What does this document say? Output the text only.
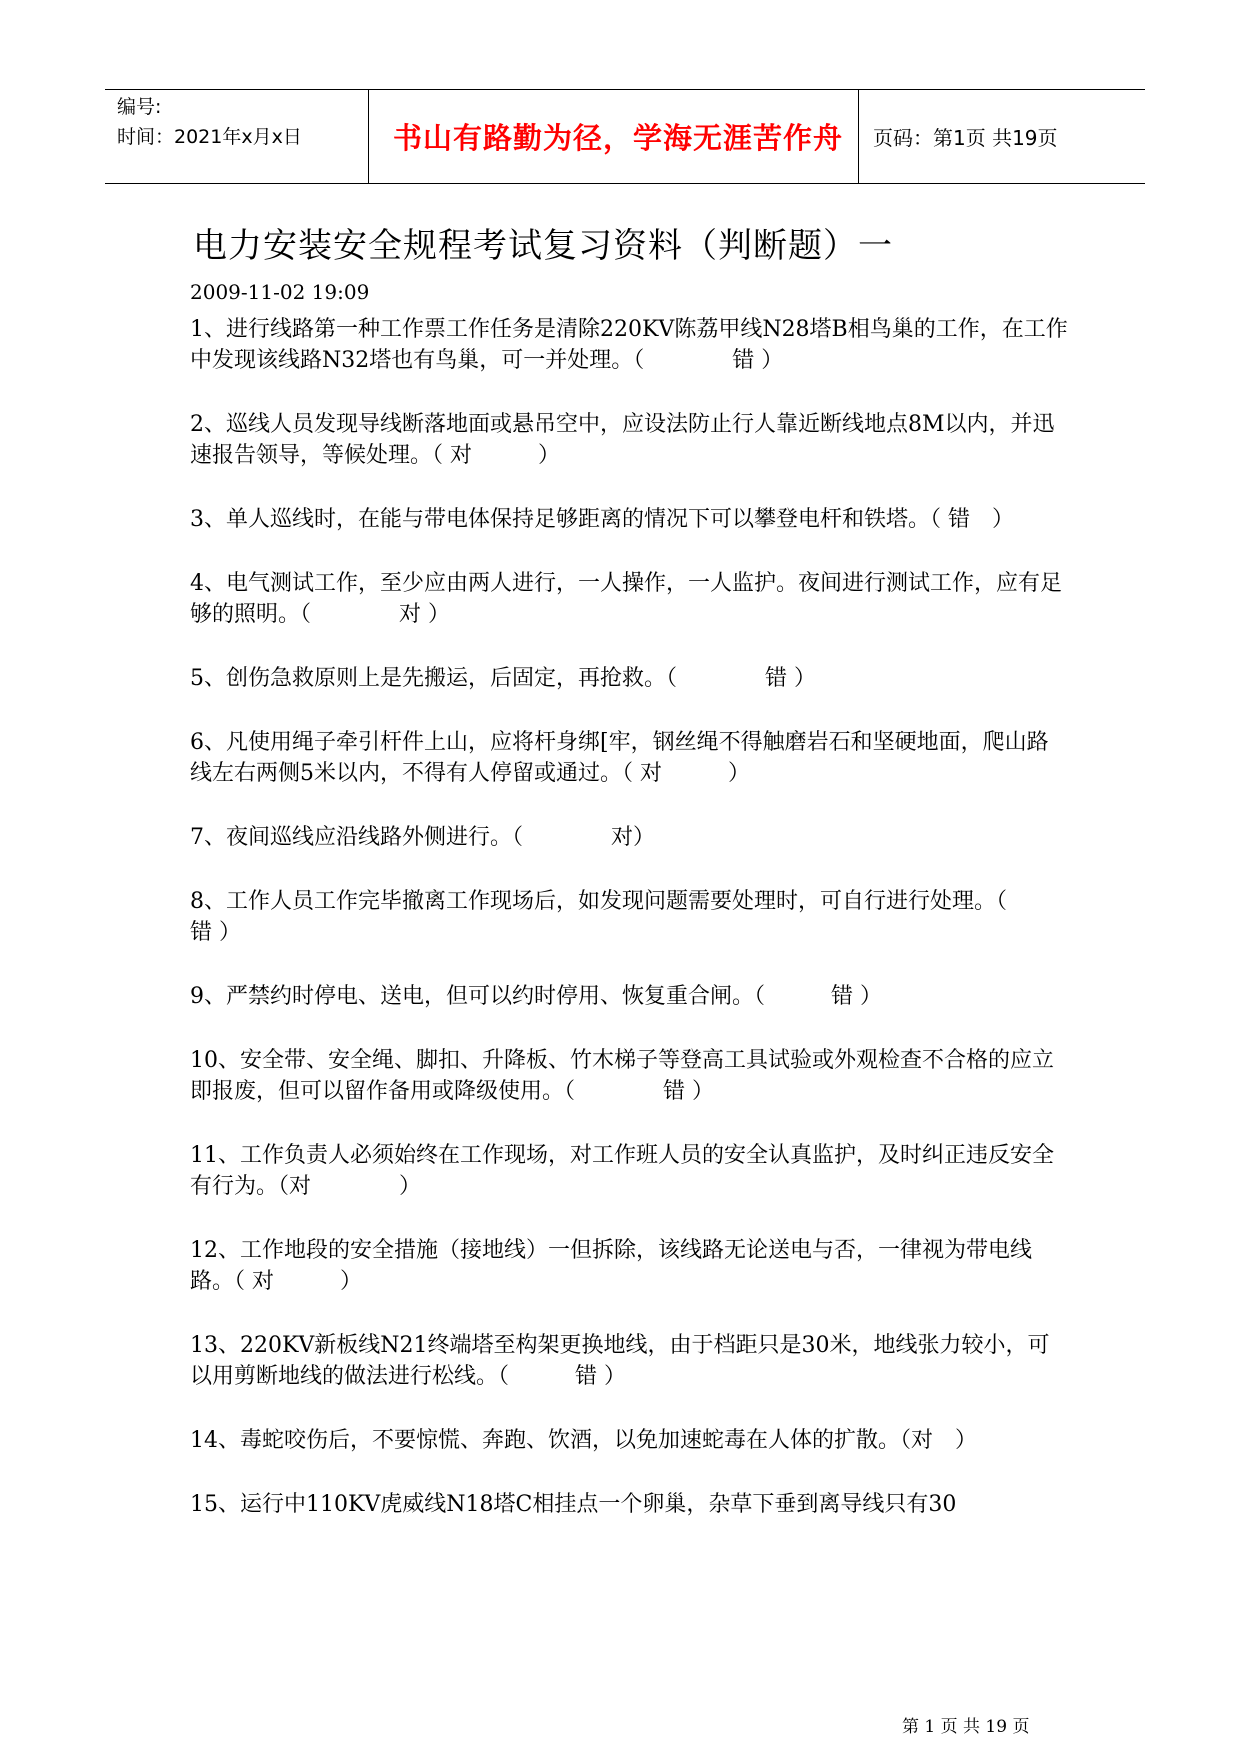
编号:
时间：2021年x月x日	书山有路勤为径，学海无涯苦作舟	页码：第1页 共19页
电力安装安全规程考试复习资料（判断题）一
2009-11-02 19:09
1、进行线路第一种工作票工作任务是清除220KV陈荔甲线N28塔B相鸟巢的工作，在工作中发现该线路N32塔也有鸟巢，可一并处理。（　　　　错 ）
2、巡线人员发现导线断落地面或悬吊空中，应设法防止行人靠近断线地点8M以内，并迅速报告领导，等候处理。（ 对　　　）
3、单人巡线时，在能与带电体保持足够距离的情况下可以攀登电杆和铁塔。（ 错　）
4、电气测试工作，至少应由两人进行，一人操作，一人监护。夜间进行测试工作，应有足够的照明。（　　　　对 ）
5、创伤急救原则上是先搬运，后固定，再抢救。（　　　　错 ）
6、凡使用绳子牵引杆件上山，应将杆身绑[牢，钢丝绳不得触磨岩石和坚硬地面，爬山路线左右两侧5米以内，不得有人停留或通过。（ 对　　　）
7、夜间巡线应沿线路外侧进行。（　　　　对）
8、工作人员工作完毕撤离工作现场后，如发现问题需要处理时，可自行进行处理。（　　　错 ）
9、严禁约时停电、送电，但可以约时停用、恢复重合闸。（　　　错 ）
10、安全带、安全绳、脚扣、升降板、竹木梯子等登高工具试验或外观检查不合格的应立即报废，但可以留作备用或降级使用。（　　　　错 ）
11、工作负责人必须始终在工作现场，对工作班人员的安全认真监护，及时纠正违反安全有行为。（对　　　　）
12、工作地段的安全措施（接地线）一但拆除，该线路无论送电与否，一律视为带电线路。（ 对　　　）
13、220KV新板线N21终端塔至构架更换地线，由于档距只是30米，地线张力较小，可以用剪断地线的做法进行松线。（　　　错 ）
14、毒蛇咬伤后，不要惊慌、奔跑、饮酒，以免加速蛇毒在人体的扩散。（对　）
15、运行中110KV虎威线N18塔C相挂点一个卵巢，杂草下垂到离导线只有30
第 1 页 共 19 页
